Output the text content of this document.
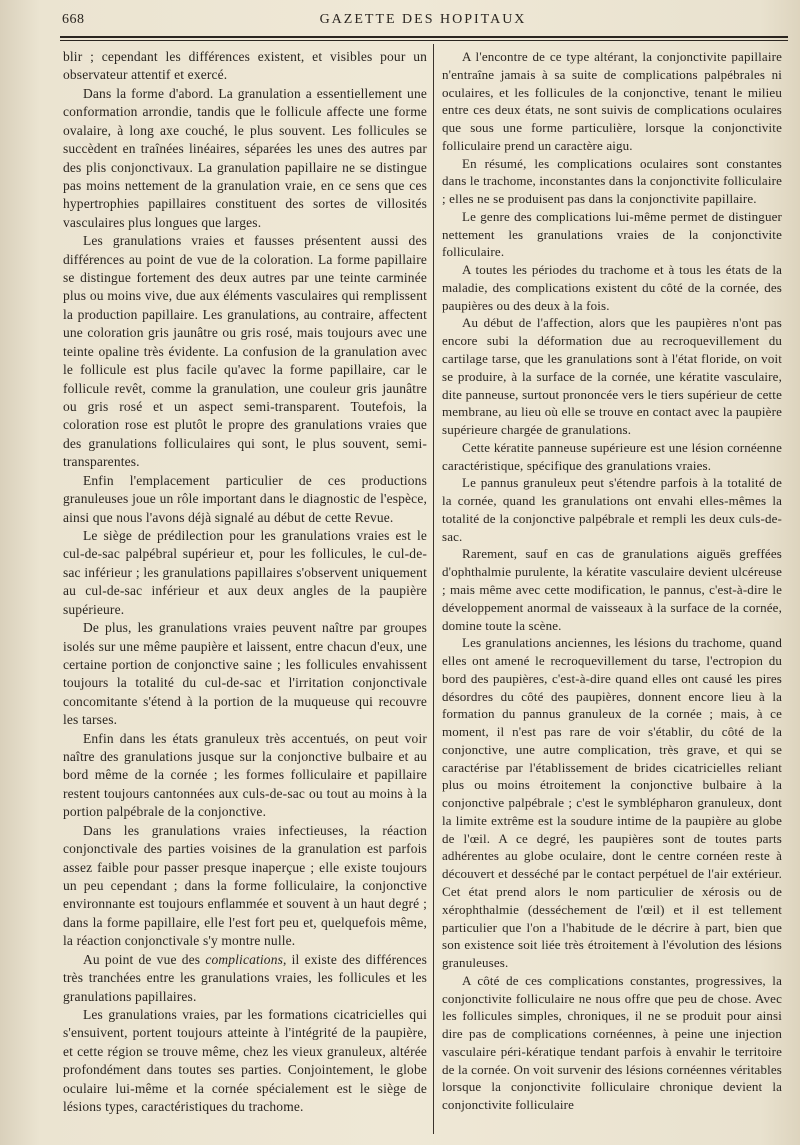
668	GAZETTE DES HOPITAUX

blir ; cependant les différences existent, et visibles pour un observateur attentif et exercé.

Dans la forme d'abord. La granulation a essentiellement une conformation arrondie, tandis que le follicule affecte une forme ovalaire, à long axe couché, le plus souvent. Les follicules se succèdent en traînées linéaires, séparées les unes des autres par des plis conjonctivaux. La granulation papillaire ne se distingue pas moins nettement de la granulation vraie, en ce sens que ces hypertrophies papillaires constituent des sortes de villosités vasculaires plus longues que larges.

Les granulations vraies et fausses présentent aussi des différences au point de vue de la coloration. La forme papillaire se distingue fortement des deux autres par une teinte carminée plus ou moins vive, due aux éléments vasculaires qui remplissent la production papillaire. Les granulations, au contraire, affectent une coloration gris jaunâtre ou gris rosé, mais toujours avec une teinte opaline très évidente. La confusion de la granulation avec le follicule est plus facile qu'avec la forme papillaire, car le follicule revêt, comme la granulation, une couleur gris jaunâtre ou gris rosé et un aspect semi-transparent. Toutefois, la coloration rose est plutôt le propre des granulations vraies que des granulations folliculaires qui sont, le plus souvent, semi-transparentes.

Enfin l'emplacement particulier de ces productions granuleuses joue un rôle important dans le diagnostic de l'espèce, ainsi que nous l'avons déjà signalé au début de cette Revue.

Le siège de prédilection pour les granulations vraies est le cul-de-sac palpébral supérieur et, pour les follicules, le cul-de-sac inférieur ; les granulations papillaires s'observent uniquement au cul-de-sac inférieur et aux deux angles de la paupière supérieure.

De plus, les granulations vraies peuvent naître par groupes isolés sur une même paupière et laissent, entre chacun d'eux, une certaine portion de conjonctive saine ; les follicules envahissent toujours la totalité du cul-de-sac et l'irritation conjonctivale concomitante s'étend à la portion de la muqueuse qui recouvre les tarses.

Enfin dans les états granuleux très accentués, on peut voir naître des granulations jusque sur la conjonctive bulbaire et au bord même de la cornée ; les formes folliculaire et papillaire restent toujours cantonnées aux culs-de-sac ou tout au moins à la portion palpébrale de la conjonctive.

Dans les granulations vraies infectieuses, la réaction conjonctivale des parties voisines de la granulation est parfois assez faible pour passer presque inaperçue ; elle existe toujours un peu cependant ; dans la forme folliculaire, la conjonctive environnante est toujours enflammée et souvent à un haut degré ; dans la forme papillaire, elle l'est fort peu et, quelquefois même, la réaction conjonctivale s'y montre nulle.

Au point de vue des complications, il existe des différences très tranchées entre les granulations vraies, les follicules et les granulations papillaires.

Les granulations vraies, par les formations cicatricielles qui s'ensuivent, portent toujours atteinte à l'intégrité de la paupière, et cette région se trouve même, chez les vieux granuleux, altérée profondément dans toutes ses parties. Conjointement, le globe oculaire lui-même et la cornée spécialement est le siège de lésions types, caractéristiques du trachome.

A l'encontre de ce type altérant, la conjonctivite papillaire n'entraîne jamais à sa suite de complications palpébrales ni oculaires, et les follicules de la conjonctive, tenant le milieu entre ces deux états, ne sont suivis de complications oculaires que sous une forme particulière, lorsque la conjonctivite folliculaire prend un caractère aigu.

En résumé, les complications oculaires sont constantes dans le trachome, inconstantes dans la conjonctivite folliculaire ; elles ne se produisent pas dans la conjonctivite papillaire.

Le genre des complications lui-même permet de distinguer nettement les granulations vraies de la conjonctivite folliculaire.

A toutes les périodes du trachome et à tous les états de la maladie, des complications existent du côté de la cornée, des paupières ou des deux à la fois.

Au début de l'affection, alors que les paupières n'ont pas encore subi la déformation due au recroquevillement du cartilage tarse, que les granulations sont à l'état floride, on voit se produire, à la surface de la cornée, une kératite vasculaire, dite panneuse, surtout prononcée vers le tiers supérieur de cette membrane, au lieu où elle se trouve en contact avec la paupière supérieure chargée de granulations.

Cette kératite panneuse supérieure est une lésion cornéenne caractéristique, spécifique des granulations vraies.

Le pannus granuleux peut s'étendre parfois à la totalité de la cornée, quand les granulations ont envahi elles-mêmes la totalité de la conjonctive palpébrale et rempli les deux culs-de-sac.

Rarement, sauf en cas de granulations aiguës greffées d'ophthalmie purulente, la kératite vasculaire devient ulcéreuse ; mais même avec cette modification, le pannus, c'est-à-dire le développement anormal de vaisseaux à la surface de la cornée, domine toute la scène.

Les granulations anciennes, les lésions du trachome, quand elles ont amené le recroquevillement du tarse, l'ectropion du bord des paupières, c'est-à-dire quand elles ont causé les pires désordres du côté des paupières, donnent encore lieu à la formation du pannus granuleux de la cornée ; mais, à ce moment, il n'est pas rare de voir s'établir, du côté de la conjonctive, une autre complication, très grave, et qui se caractérise par l'établissement de brides cicatricielles reliant plus ou moins étroitement la conjonctive bulbaire à la conjonctive palpébrale ; c'est le symblépharon granuleux, dont la limite extrême est la soudure intime de la paupière au globe de l'œil. A ce degré, les paupières sont de toutes parts adhérentes au globe oculaire, dont le centre cornéen reste à découvert et desséché par le contact perpétuel de l'air extérieur. Cet état prend alors le nom particulier de xérosis ou de xérophthalmie (desséchement de l'œil) et il est tellement particulier que l'on a l'habitude de le décrire à part, bien que son existence soit liée très étroitement à l'évolution des lésions granuleuses.

A côté de ces complications constantes, progressives, la conjonctivite folliculaire ne nous offre que peu de chose. Avec les follicules simples, chroniques, il ne se produit pour ainsi dire pas de complications cornéennes, à peine une injection vasculaire péri-kératique tendant parfois à envahir le territoire de la cornée. On voit survenir des lésions cornéennes véritables lorsque la conjonctivite folliculaire chronique devient la conjonctivite folliculaire
